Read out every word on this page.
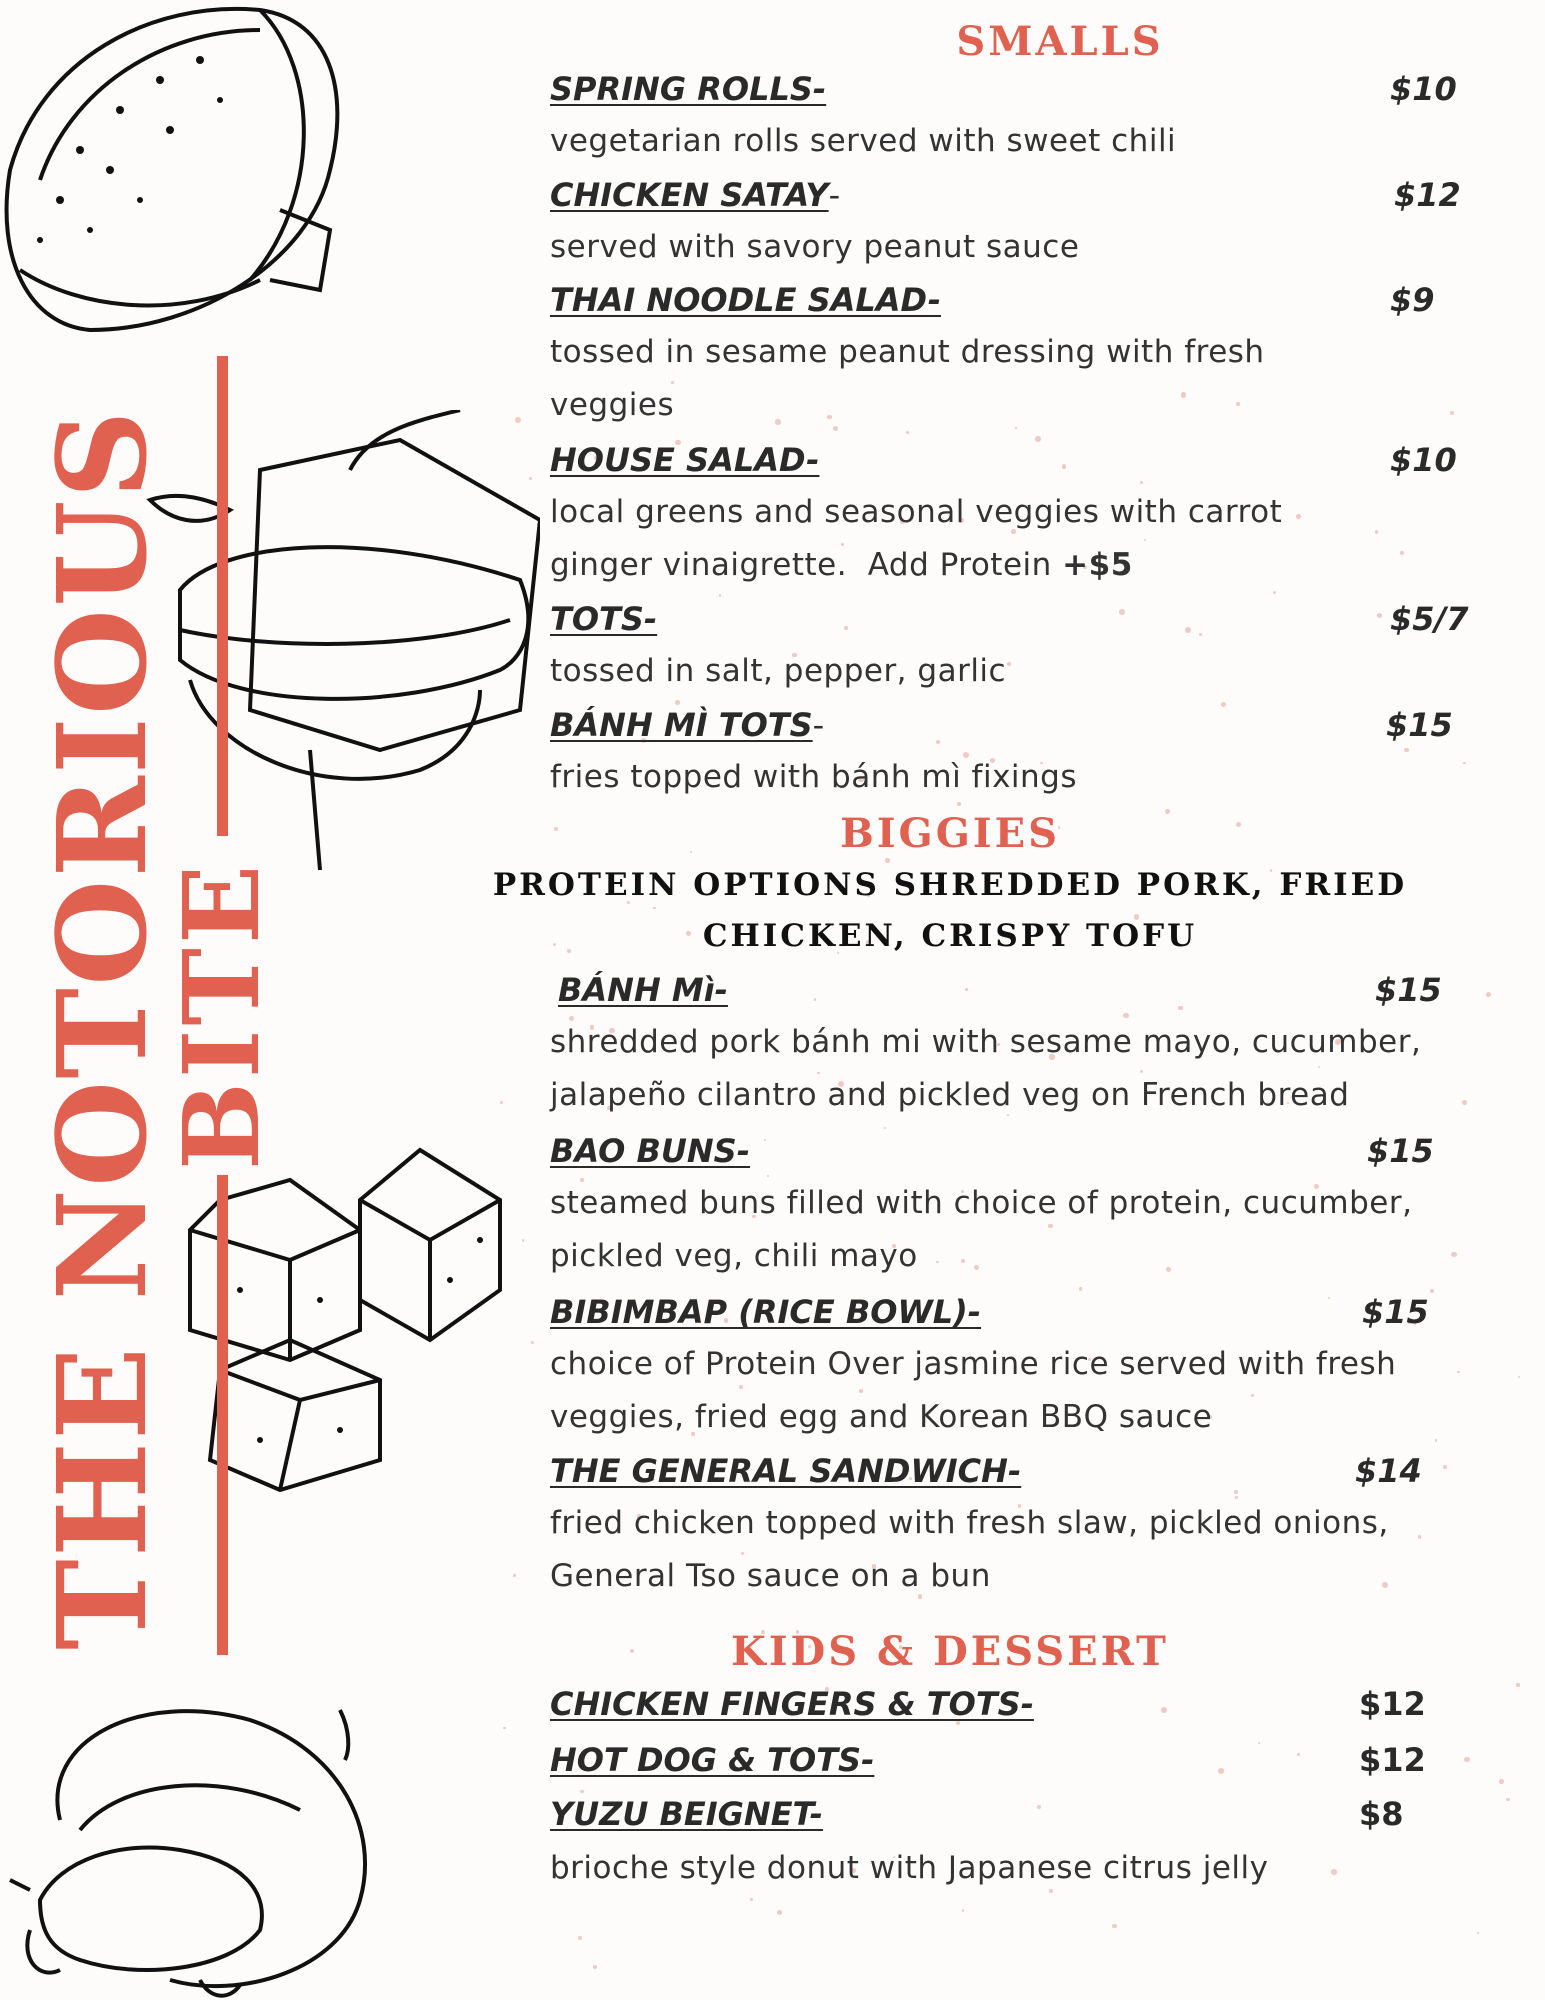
THE NOTORIOUS
BITE
SMALLS
SPRING ROLLS-	$10
vegetarian rolls served with sweet chili
CHICKEN SATAY-	$12
served with savory peanut sauce
THAI NOODLE SALAD-	$9
tossed in sesame peanut dressing with fresh
veggies
HOUSE SALAD-	$10
local greens and seasonal veggies with carrot
ginger vinaigrette.  Add Protein +$5
TOTS-	$5/7
tossed in salt, pepper, garlic
BÁNH MÌ TOTS-	$15
fries topped with bánh mì fixings
BIGGIES
PROTEIN OPTIONS SHREDDED PORK, FRIED
CHICKEN, CRISPY TOFU
BÁNH Mì-	$15
shredded pork bánh mi with sesame mayo, cucumber,
jalapeño cilantro and pickled veg on French bread
BAO BUNS-	$15
steamed buns filled with choice of protein, cucumber,
pickled veg, chili mayo
BIBIMBAP (RICE BOWL)-	$15
choice of Protein Over jasmine rice served with fresh
veggies, fried egg and Korean BBQ sauce
THE GENERAL SANDWICH-	$14
fried chicken topped with fresh slaw, pickled onions,
General Tso sauce on a bun
KIDS & DESSERT
CHICKEN FINGERS & TOTS-	$12
HOT DOG & TOTS-	$12
YUZU BEIGNET-	$8
brioche style donut with Japanese citrus jelly
